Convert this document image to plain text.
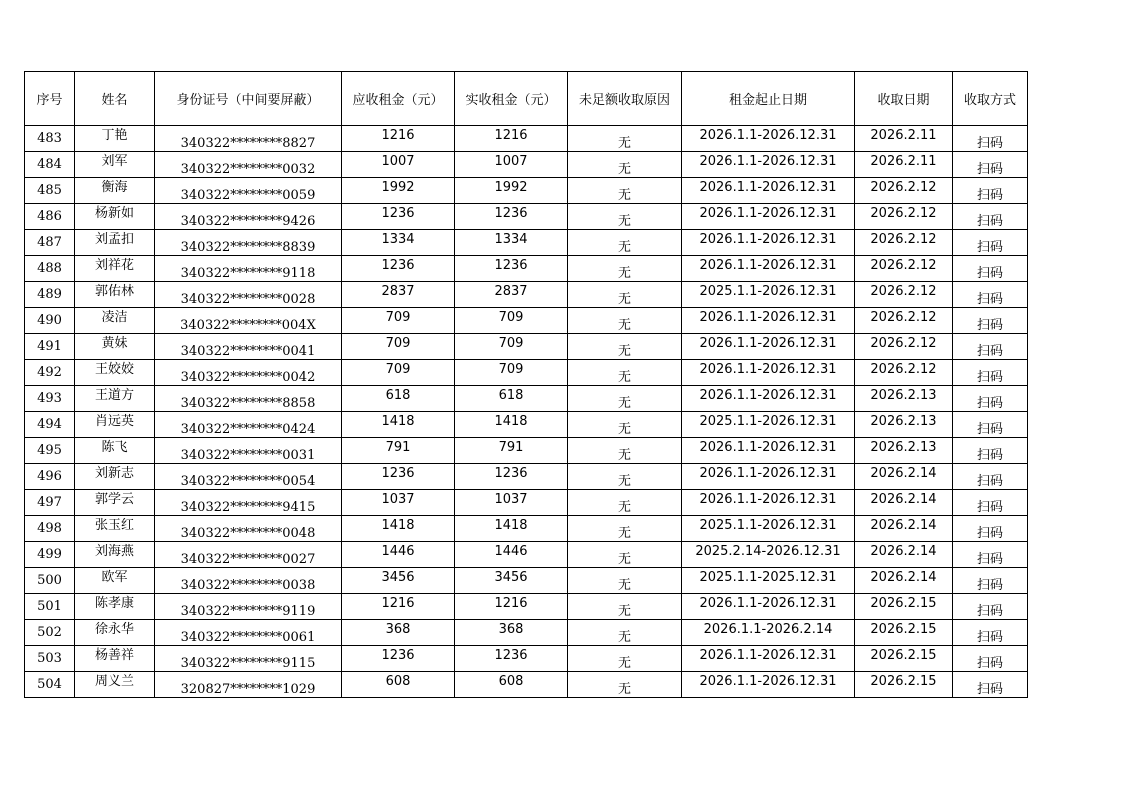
序号	姓名	身份证号（中间要屏蔽）	应收租金（元）	实收租金（元）	未足额收取原因	租金起止日期	收取日期	收取方式
483	丁艳	340322********8827	1216	1216	无	2026.1.1-2026.12.31	2026.2.11	扫码
484	刘军	340322********0032	1007	1007	无	2026.1.1-2026.12.31	2026.2.11	扫码
485	衡海	340322********0059	1992	1992	无	2026.1.1-2026.12.31	2026.2.12	扫码
486	杨新如	340322********9426	1236	1236	无	2026.1.1-2026.12.31	2026.2.12	扫码
487	刘孟扣	340322********8839	1334	1334	无	2026.1.1-2026.12.31	2026.2.12	扫码
488	刘祥花	340322********9118	1236	1236	无	2026.1.1-2026.12.31	2026.2.12	扫码
489	郭佑林	340322********0028	2837	2837	无	2025.1.1-2026.12.31	2026.2.12	扫码
490	凌洁	340322********004X	709	709	无	2026.1.1-2026.12.31	2026.2.12	扫码
491	黄妹	340322********0041	709	709	无	2026.1.1-2026.12.31	2026.2.12	扫码
492	王姣姣	340322********0042	709	709	无	2026.1.1-2026.12.31	2026.2.12	扫码
493	王道方	340322********8858	618	618	无	2026.1.1-2026.12.31	2026.2.13	扫码
494	肖远英	340322********0424	1418	1418	无	2025.1.1-2026.12.31	2026.2.13	扫码
495	陈飞	340322********0031	791	791	无	2026.1.1-2026.12.31	2026.2.13	扫码
496	刘新志	340322********0054	1236	1236	无	2026.1.1-2026.12.31	2026.2.14	扫码
497	郭学云	340322********9415	1037	1037	无	2026.1.1-2026.12.31	2026.2.14	扫码
498	张玉红	340322********0048	1418	1418	无	2025.1.1-2026.12.31	2026.2.14	扫码
499	刘海燕	340322********0027	1446	1446	无	2025.2.14-2026.12.31	2026.2.14	扫码
500	欧军	340322********0038	3456	3456	无	2025.1.1-2025.12.31	2026.2.14	扫码
501	陈孝康	340322********9119	1216	1216	无	2026.1.1-2026.12.31	2026.2.15	扫码
502	徐永华	340322********0061	368	368	无	2026.1.1-2026.2.14	2026.2.15	扫码
503	杨善祥	340322********9115	1236	1236	无	2026.1.1-2026.12.31	2026.2.15	扫码
504	周义兰	320827********1029	608	608	无	2026.1.1-2026.12.31	2026.2.15	扫码
